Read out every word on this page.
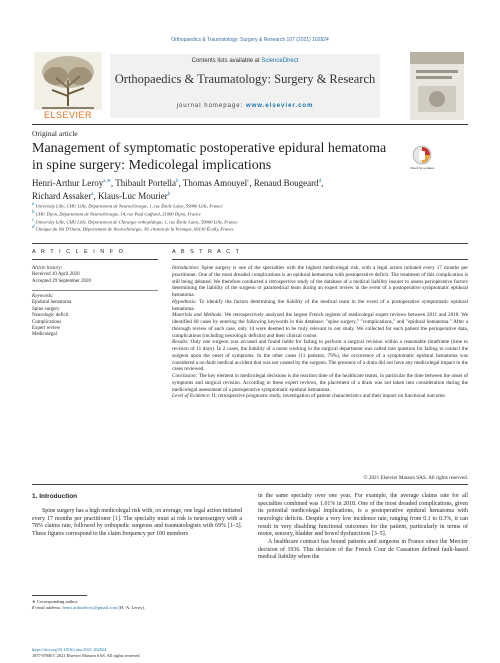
Orthopaedics & Traumatology: Surgery & Research 107 (2021) 102824
ELSEVIER
Contents lists available at ScienceDirect
Orthopaedics & Traumatology: Surgery & Research
journal homepage: www.elsevier.com
Original article
Management of symptomatic postoperative epidural hematoma in spine surgery: Medicolegal implications	Check for updates
Henri-Arthur Leroy$^{a,∗}$, Thibault Portella$^b$, Thomas Amouyel$^c$, Renaud Bougeard$^d$,
Richard Assaker$^a$, Klaus-Luc Mourier$^b$
$^a$ University Lille, CHU Lille, Département de Neurochirurgie, 1, rue Émile Laine, 59000 Lille, France
$^b$ CHU Dijon, Département de Neurochirurgie, 14, rue Paul Gaffarel, 21000 Dijon, France
$^c$ University Lille, CHU Lille, Département de Chirurgie orthopédique, 1, rue Émile Laine, 59000 Lille, France
$^d$ Clinique du Val D'Ouest, Département de Neurochirurgie, 39, chemin de la Vernique, 69130 Écully, France
A R T I C L E I N F O	A B S T R A C T
Article history:
Received 10 April 2020
Accepted 29 September 2020
Keywords:
Epidural hematoma
Spine surgery
Neurologic deficit
Complications
Expert review
Medicolegal

Introduction: Spine surgery is one of the specialties with the highest medicolegal risk, with a legal action initiated every 17 months per practitioner. One of the most dreaded complications is an epidural hematoma with postoperative deficit. The treatment of this complication is still being debated. We therefore conducted a retrospective study of the database of a medical liability insurer to assess perioperative factors determining the liability of the surgeon or paramedical team during an expert review in the event of a postoperative symptomatic epidural hematoma.

Hypothesis: To identify the factors determining the liability of the medical team in the event of a postoperative symptomatic epidural hematoma.

Materials and Methods: We retrospectively analyzed the largest French register of medicolegal expert reviews between 2011 and 2018. We identified 68 cases by entering the following keywords in this database: "spine surgery," "complications," and "epidural hematoma." After a thorough review of each case, only 14 were deemed to be truly relevant to our study. We collected for each patient the perioperative data, complications (including neurologic deficits) and their clinical course.

Results: Only one surgeon was accused and found liable for failing to perform a surgical revision within a reasonable timeframe (time to revision of 11 days). In 2 cases, the liability of a nurse working in the surgical department was called into question for failing to contact the surgeon upon the onset of symptoms. In the other cases (11 patients, 79%), the occurrence of a symptomatic epidural hematoma was considered a no-fault medical accident that was not caused by the surgeon. The presence of a drain did not have any medicolegal impact in the cases reviewed.

Conclusion: The key element in medicolegal decisions is the reaction time of the healthcare teams, in particular the time between the onset of symptoms and surgical revision. According to these expert reviews, the placement of a drain was not taken into consideration during the medicolegal assessment of a postoperative symptomatic epidural hematoma.

Level of Evidence: II; retrospective prognostic study, investigation of patient characteristics and their impact on functional outcome.

© 2021 Elsevier Masson SAS. All rights reserved.
1. Introduction

Spine surgery has a high medicolegal risk with, on average, one legal action initiated every 17 months per practitioner [1]. The specialty must at risk is neurosurgery with a 78% claims rate, followed by orthopedic surgeons and traumatologists with 69% [1–3]. These figures correspond to the claim frequency per 100 members

in the same specialty over one year. For example, the average claims rate for all specialties combined was 1.01% in 2018. One of the most dreaded complications, given its potential medicolegal implications, is a postoperative epidural hematoma with neurologic deficits. Despite a very low incidence rate, ranging from 0.1 to 0.3%, it can result in very disabling functional outcomes for the patient, particularly in terms of motor, sensory, bladder and bowel dysfunctions [3–5].

A healthcare contract has bound patients and surgeons in France since the Mercier decision of 1936. This decision of the French Cour de Cassation defined fault-based medical liability when the

∗ Corresponding author.
E-mail address: henri.arthurleroy@gmail.com (H.-A. Leroy).
https://doi.org/10.1016/j.otsr.2021.102824
1877-0568/© 2021 Elsevier Masson SAS. All rights reserved.
